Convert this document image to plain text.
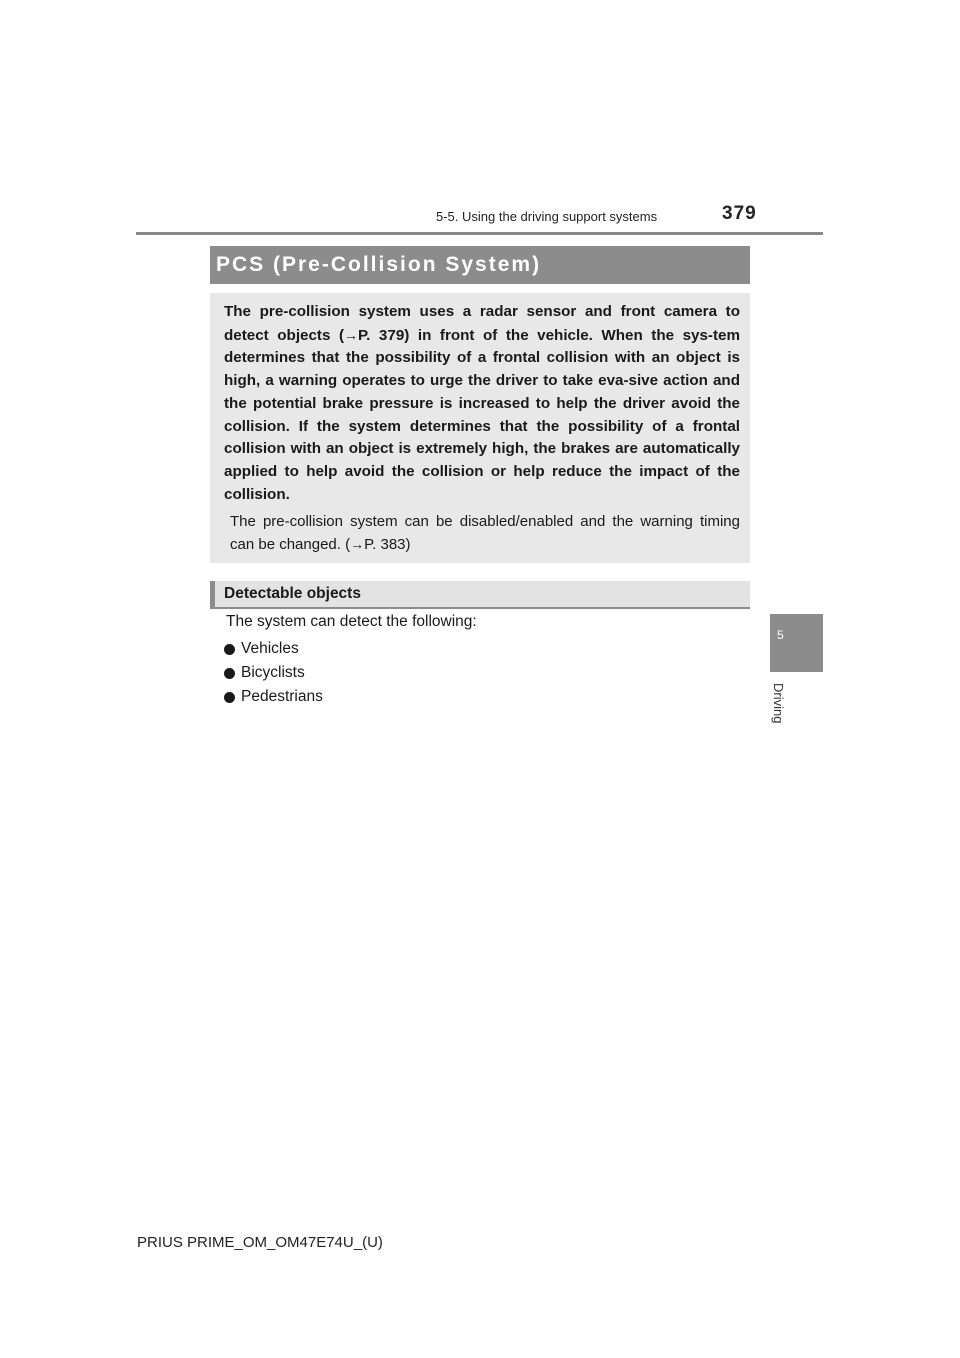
5-5. Using the driving support systems	379
PCS (Pre-Collision System)

The pre-collision system uses a radar sensor and front camera to detect objects (→P. 379) in front of the vehicle. When the sys-tem determines that the possibility of a frontal collision with an object is high, a warning operates to urge the driver to take eva-sive action and the potential brake pressure is increased to help the driver avoid the collision. If the system determines that the possibility of a frontal collision with an object is extremely high, the brakes are automatically applied to help avoid the collision or help reduce the impact of the collision.

The pre-collision system can be disabled/enabled and the warning timing can be changed. (→P. 383)

Detectable objects
The system can detect the following:
Vehicles
Bicyclists
Pedestrians
5
Driving
PRIUS PRIME_OM_OM47E74U_(U)
